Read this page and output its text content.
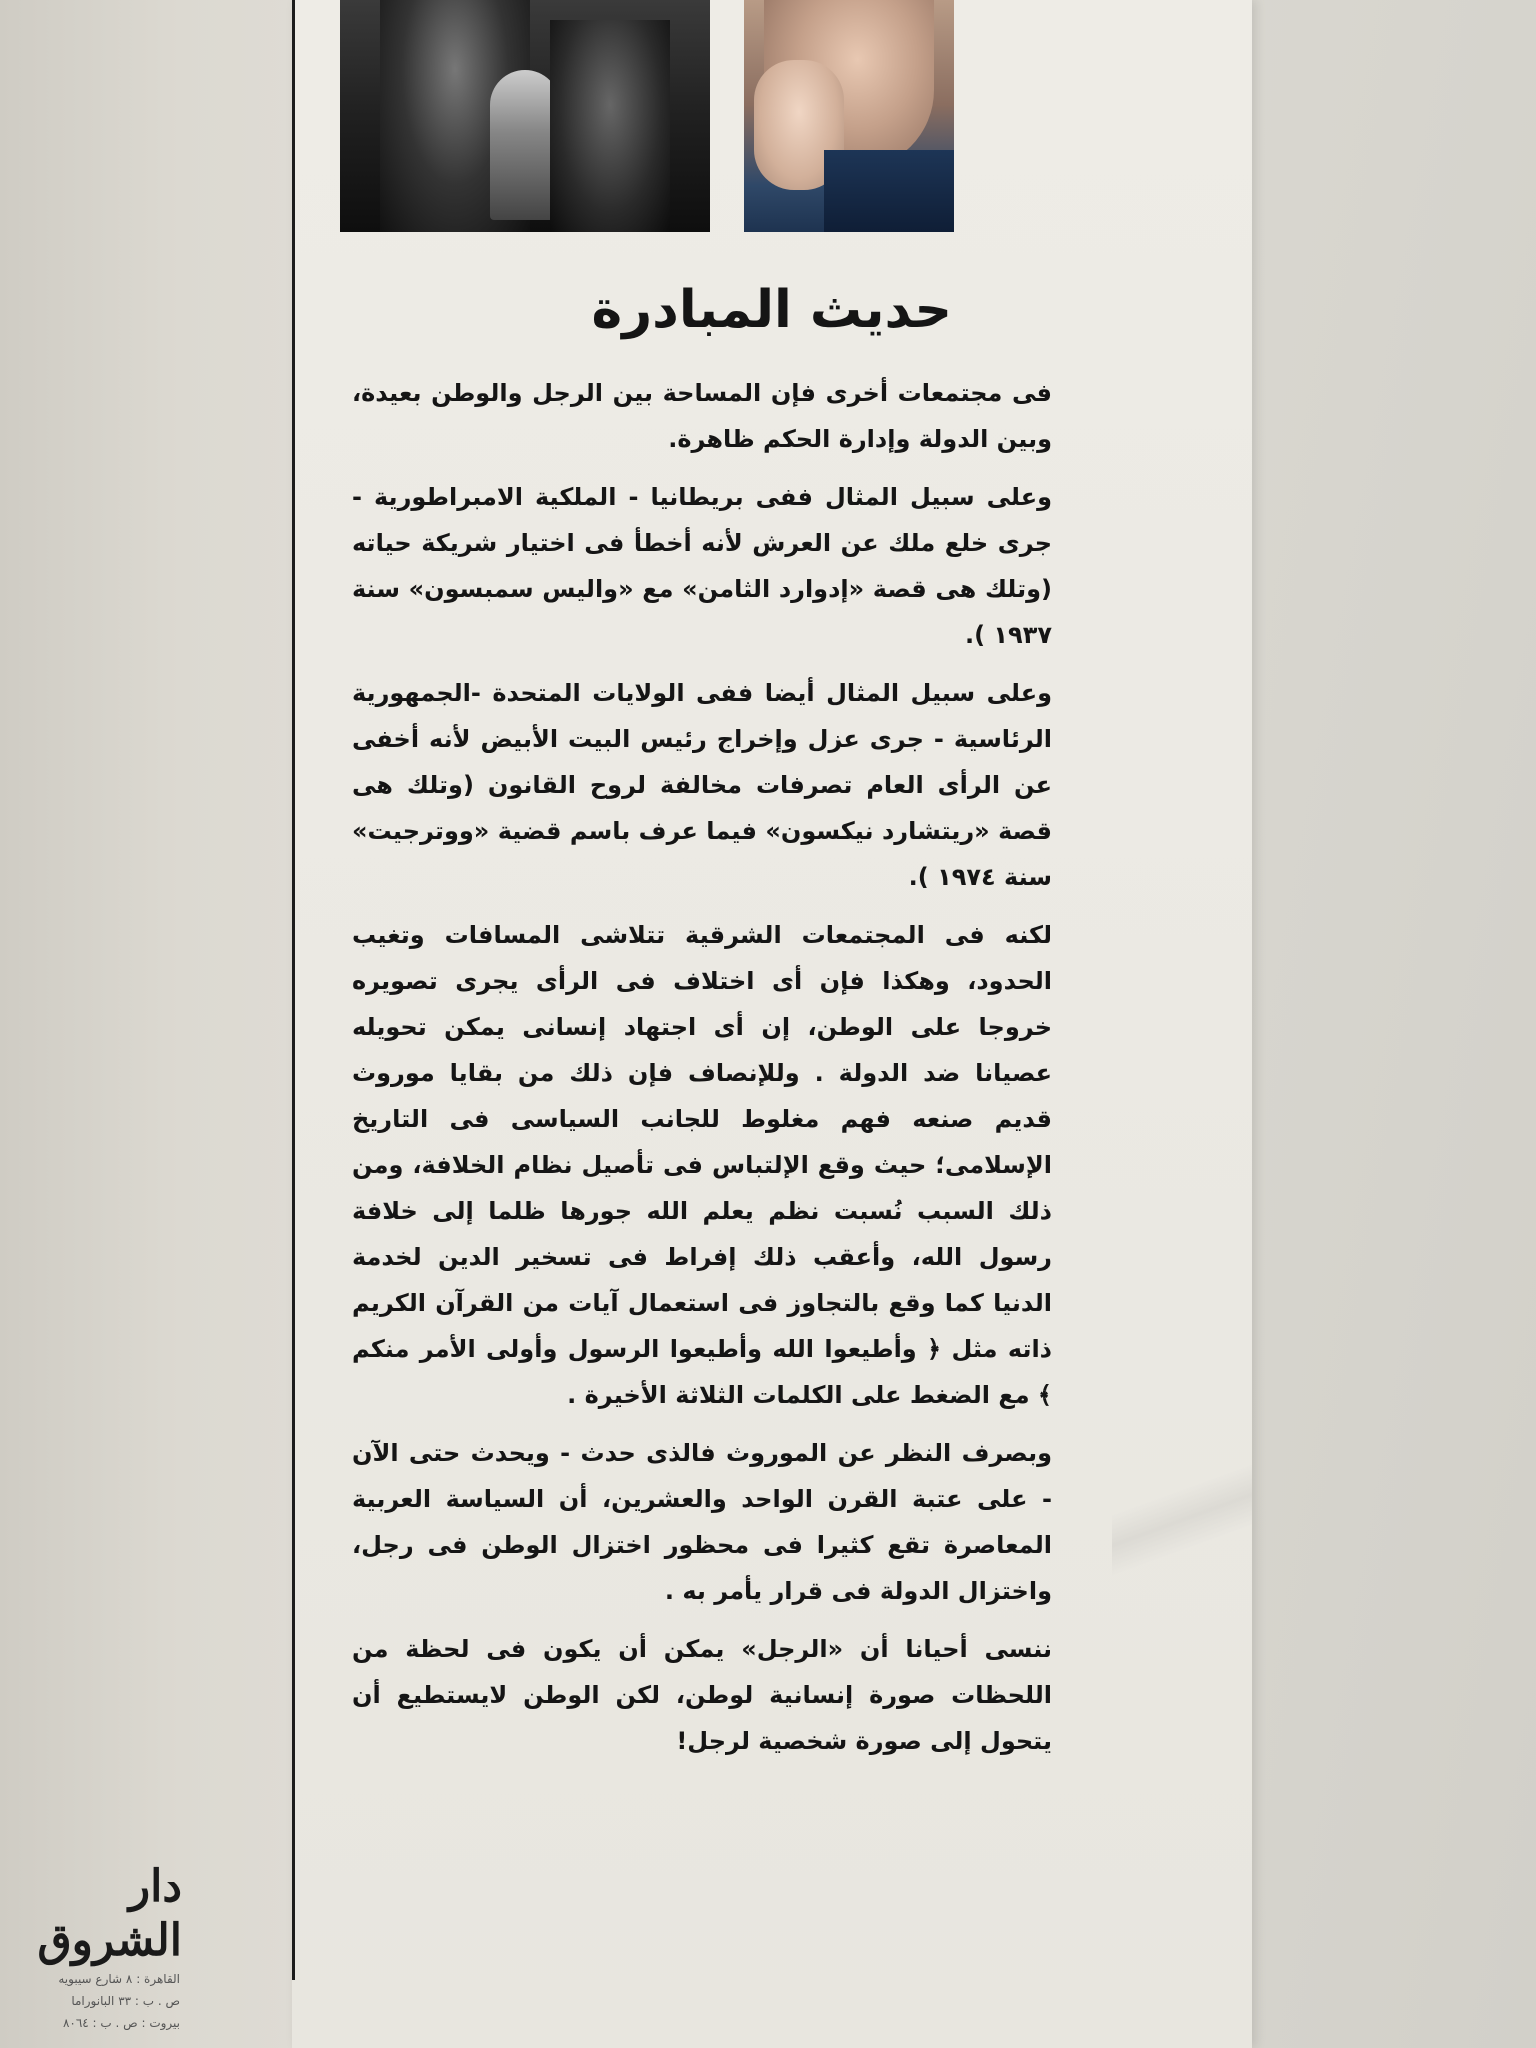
دار الشروق
القاهرة : ٨ شارع سيبويه
ص . ب : ٣٣ البانوراما
بيروت : ص . ب : ٨٠٦٤
حديث المبادرة

فى مجتمعات أخرى فإن المساحة بين الرجل والوطن بعيدة، وبين الدولة وإدارة الحكم ظاهرة.

وعلى سبيل المثال ففى بريطانيا - الملكية الامبراطورية - جرى خلع ملك عن العرش لأنه أخطأ فى اختيار شريكة حياته (وتلك هى قصة «إدوارد الثامن» مع «واليس سمبسون» سنة ١٩٣٧ ).

وعلى سبيل المثال أيضا ففى الولايات المتحدة -الجمهورية الرئاسية - جرى عزل وإخراج رئيس البيت الأبيض لأنه أخفى عن الرأى العام تصرفات مخالفة لروح القانون (وتلك هى قصة «ريتشارد نيكسون» فيما عرف باسم قضية «ووترجيت» سنة ١٩٧٤ ).

لكنه فى المجتمعات الشرقية تتلاشى المسافات وتغيب الحدود، وهكذا فإن أى اختلاف فى الرأى يجرى تصويره خروجا على الوطن، إن أى اجتهاد إنسانى يمكن تحويله عصيانا ضد الدولة . وللإنصاف فإن ذلك من بقايا موروث قديم صنعه فهم مغلوط للجانب السياسى فى التاريخ الإسلامى؛ حيث وقع الإلتباس فى تأصيل نظام الخلافة، ومن ذلك السبب نُسبت نظم يعلم الله جورها ظلما إلى خلافة رسول الله، وأعقب ذلك إفراط فى تسخير الدين لخدمة الدنيا كما وقع بالتجاوز فى استعمال آيات من القرآن الكريم ذاته مثل ﴿ وأطيعوا الله وأطيعوا الرسول وأولى الأمر منكم ﴾ مع الضغط على الكلمات الثلاثة الأخيرة .

وبصرف النظر عن الموروث فالذى حدث - ويحدث حتى الآن - على عتبة القرن الواحد والعشرين، أن السياسة العربية المعاصرة تقع كثيرا فى محظور اختزال الوطن فى رجل، واختزال الدولة فى قرار يأمر به .

ننسى أحيانا أن «الرجل» يمكن أن يكون فى لحظة من اللحظات صورة إنسانية لوطن، لكن الوطن لايستطيع أن يتحول إلى صورة شخصية لرجل!
